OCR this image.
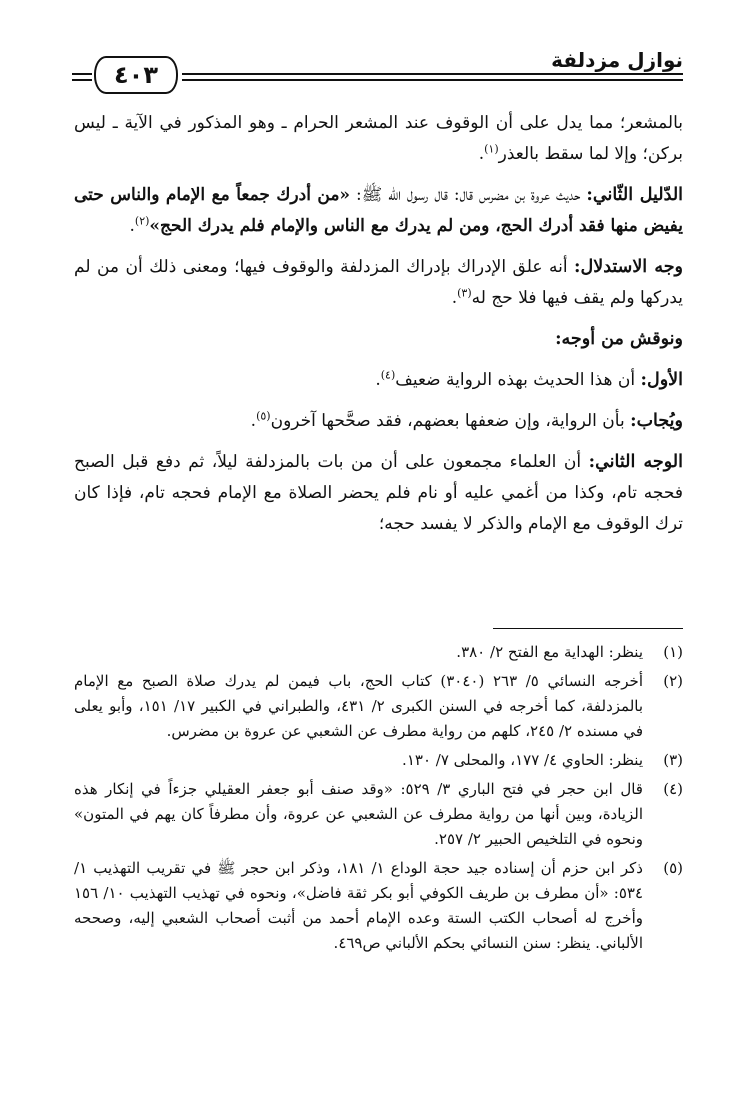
نوازل مزدلفة
٤٠٣

بالمشعر؛ مما يدل على أن الوقوف عند المشعر الحرام ـ وهو المذكور في الآية ـ ليس بركن؛ وإلا لما سقط بالعذر$^{(١)}$.

الدّليل الثّاني: حديث عروة بن مضرس قال: قال رسول الله ﷺ: «من أدرك جمعاً مع الإمام والناس حتى يفيض منها فقد أدرك الحج، ومن لم يدرك مع الناس والإمام فلم يدرك الحج»$^{(٢)}$.

وجه الاستدلال: أنه علق الإدراك بإدراك المزدلفة والوقوف فيها؛ ومعنى ذلك أن من لم يدركها ولم يقف فيها فلا حج له$^{(٣)}$.

ونوقش من أوجه:

الأول: أن هذا الحديث بهذه الرواية ضعيف$^{(٤)}$.

ويُجاب: بأن الرواية، وإن ضعفها بعضهم، فقد صحَّحها آخرون$^{(٥)}$.

الوجه الثاني: أن العلماء مجمعون على أن من بات بالمزدلفة ليلاً، ثم دفع قبل الصبح فحجه تام، وكذا من أغمي عليه أو نام فلم يحضر الصلاة مع الإمام فحجه تام، فإذا كان ترك الوقوف مع الإمام والذكر لا يفسد حجه؛

(١)
ينظر: الهداية مع الفتح ٢/ ٣٨٠.
(٢)
أخرجه النسائي ٥/ ٢٦٣ (٣٠٤٠) كتاب الحج، باب فيمن لم يدرك صلاة الصبح مع الإمام بالمزدلفة، كما أخرجه في السنن الكبرى ٢/ ٤٣١، والطبراني في الكبير ١٧/ ١٥١، وأبو يعلى في مسنده ٢/ ٢٤٥، كلهم من رواية مطرف عن الشعبي عن عروة بن مضرس.
(٣)
ينظر: الحاوي ٤/ ١٧٧، والمحلى ٧/ ١٣٠.
(٤)
قال ابن حجر في فتح الباري ٣/ ٥٢٩: «وقد صنف أبو جعفر العقيلي جزءاً في إنكار هذه الزيادة، وبين أنها من رواية مطرف عن الشعبي عن عروة، وأن مطرفاً كان يهم في المتون» ونحوه في التلخيص الحبير ٢/ ٢٥٧.
(٥)
ذكر ابن حزم أن إسناده جيد حجة الوداع ١/ ١٨١، وذكر ابن حجر ﷺ في تقريب التهذيب ١/ ٥٣٤: «أن مطرف بن طريف الكوفي أبو بكر ثقة فاضل»، ونحوه في تهذيب التهذيب ١٠/ ١٥٦ وأخرج له أصحاب الكتب الستة وعده الإمام أحمد من أثبت أصحاب الشعبي إليه، وصححه الألباني. ينظر: سنن النسائي بحكم الألباني ص٤٦٩.
